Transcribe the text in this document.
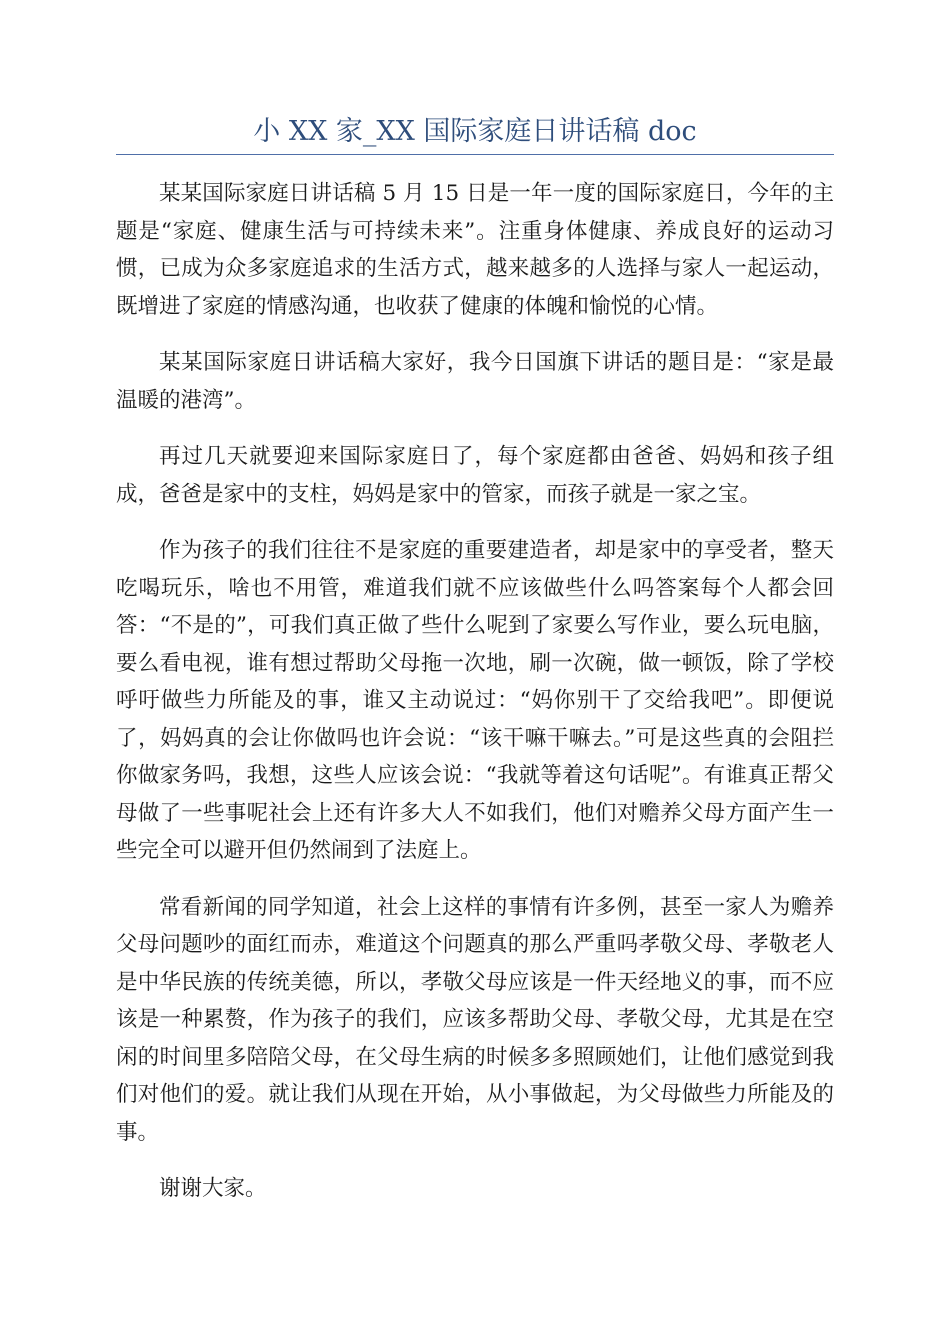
小 XX 家_XX 国际家庭日讲话稿 doc

某某国际家庭日讲话稿 5 月 15 日是一年一度的国际家庭日，今年的主题是“家庭、健康生活与可持续未来”。注重身体健康、养成良好的运动习惯，已成为众多家庭追求的生活方式，越来越多的人选择与家人一起运动，既增进了家庭的情感沟通，也收获了健康的体魄和愉悦的心情。

某某国际家庭日讲话稿大家好，我今日国旗下讲话的题目是：“家是最温暖的港湾”。

再过几天就要迎来国际家庭日了，每个家庭都由爸爸、妈妈和孩子组成，爸爸是家中的支柱，妈妈是家中的管家，而孩子就是一家之宝。

作为孩子的我们往往不是家庭的重要建造者，却是家中的享受者，整天吃喝玩乐，啥也不用管，难道我们就不应该做些什么吗答案每个人都会回答：“不是的”，可我们真正做了些什么呢到了家要么写作业，要么玩电脑，要么看电视，谁有想过帮助父母拖一次地，刷一次碗，做一顿饭，除了学校呼吁做些力所能及的事，谁又主动说过：“妈你别干了交给我吧”。即便说了，妈妈真的会让你做吗也许会说：“该干嘛干嘛去。”可是这些真的会阻拦你做家务吗，我想，这些人应该会说：“我就等着这句话呢”。有谁真正帮父母做了一些事呢社会上还有许多大人不如我们，他们对赡养父母方面产生一些完全可以避开但仍然闹到了法庭上。

常看新闻的同学知道，社会上这样的事情有许多例，甚至一家人为赡养父母问题吵的面红而赤，难道这个问题真的那么严重吗孝敬父母、孝敬老人是中华民族的传统美德，所以，孝敬父母应该是一件天经地义的事，而不应该是一种累赘，作为孩子的我们，应该多帮助父母、孝敬父母，尤其是在空闲的时间里多陪陪父母，在父母生病的时候多多照顾她们，让他们感觉到我们对他们的爱。就让我们从现在开始，从小事做起，为父母做些力所能及的事。

谢谢大家。
